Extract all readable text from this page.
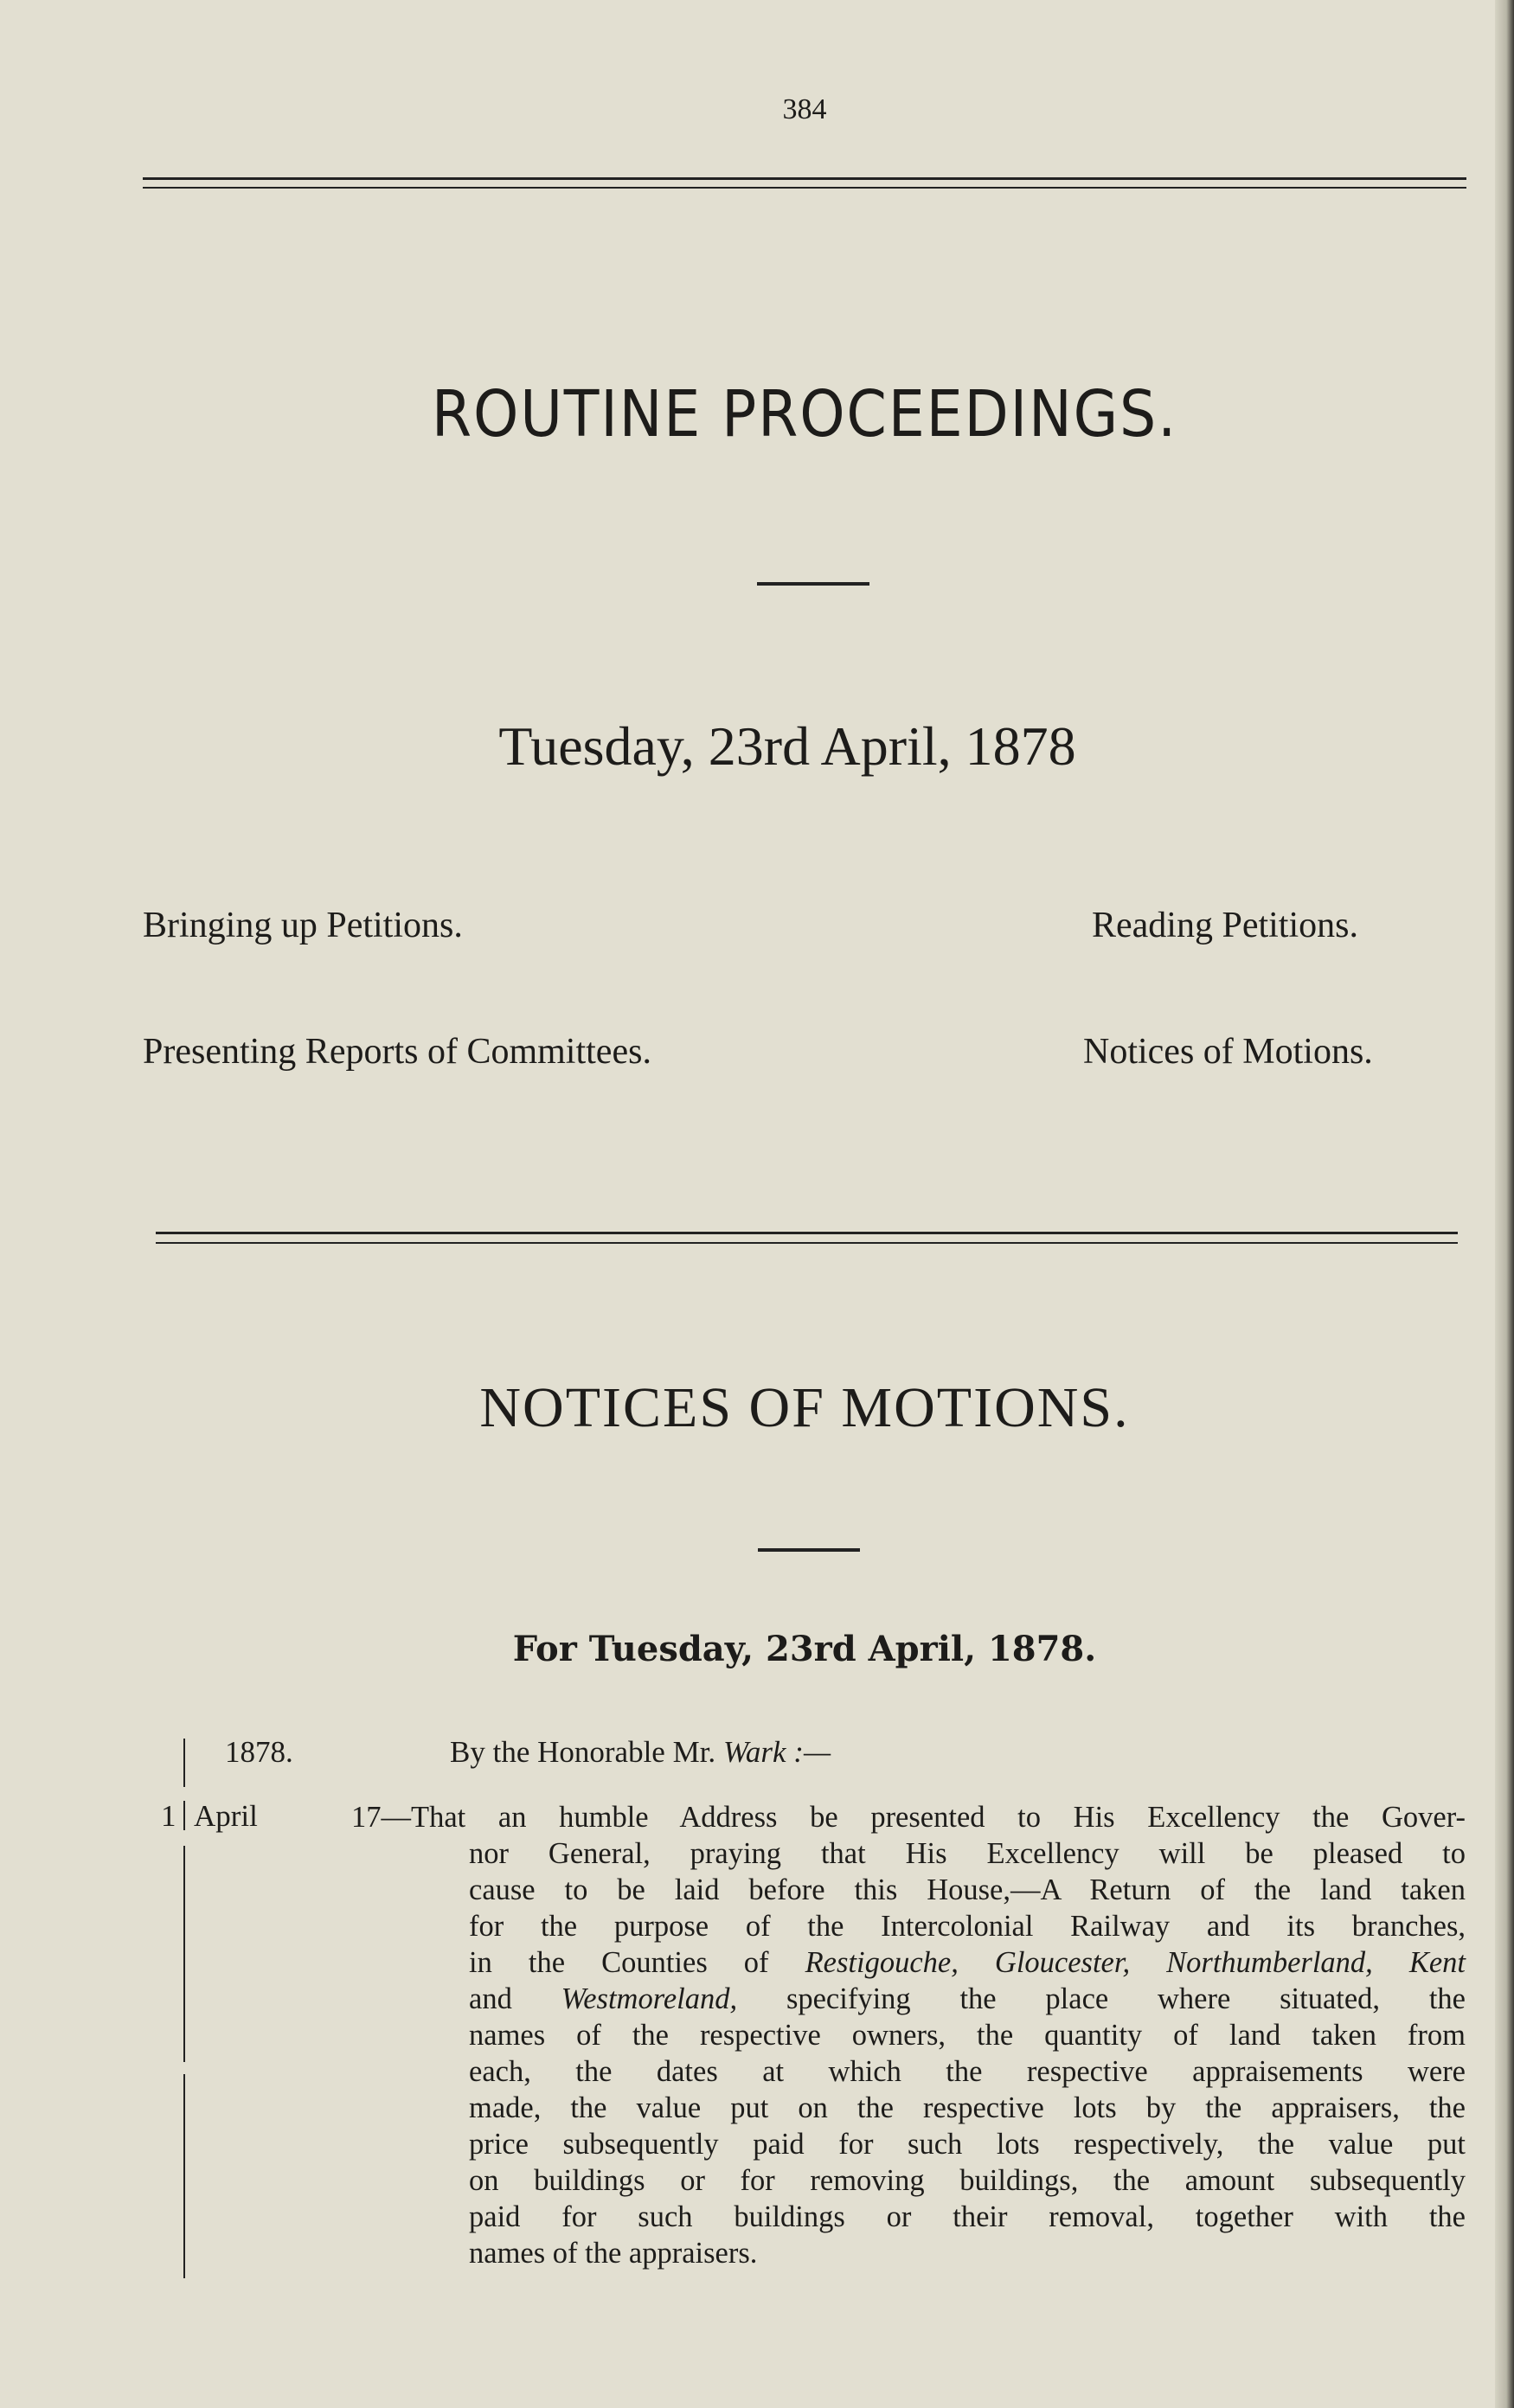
384
ROUTINE PROCEEDINGS.
Tuesday, 23rd April, 1878
Bringing up Petitions.	Reading Petitions.
Presenting Reports of Committees.	Notices of Motions.
NOTICES OF MOTIONS.
For Tuesday, 23rd April, 1878.
1878.	By the Honorable Mr. Wark :—
1 April	17—That an humble Address be presented to His Excellency the Gover-
nor General, praying that His Excellency will be pleased to
cause to be laid before this House,—A Return of the land taken
for the purpose of the Intercolonial Railway and its branches,
in the Counties of Restigouche, Gloucester, Northumberland, Kent
and Westmoreland, specifying the place where situated, the
names of the respective owners, the quantity of land taken from
each, the dates at which the respective appraisements were
made, the value put on the respective lots by the appraisers, the
price subsequently paid for such lots respectively, the value put
on buildings or for removing buildings, the amount subsequently
paid for such buildings or their removal, together with the
names of the appraisers.
